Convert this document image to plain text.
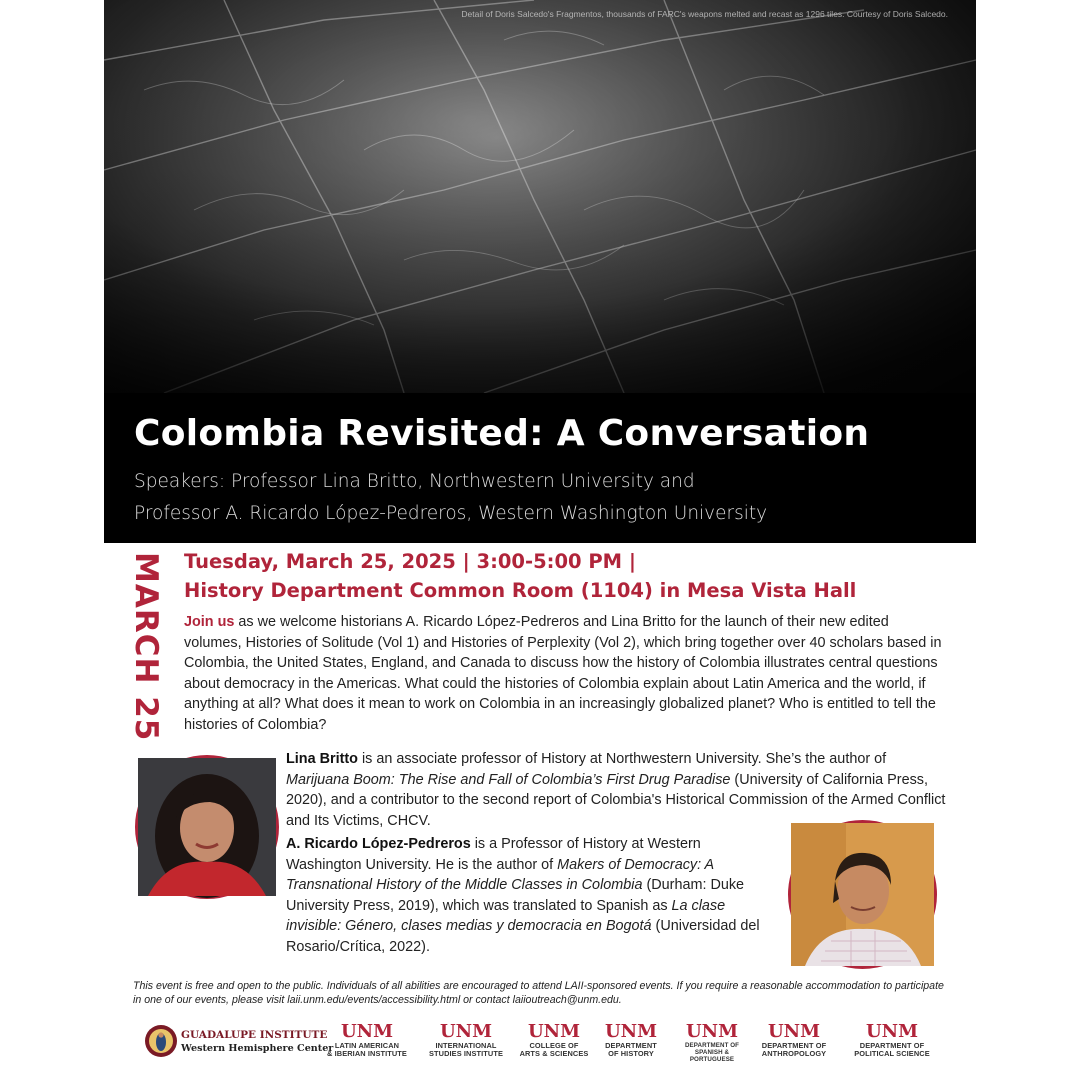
Detail of Doris Salcedo's Fragmentos, thousands of FARC's weapons melted and recast as 1296 tiles. Courtesy of Doris Salcedo.
Colombia Revisited: A Conversation

Speakers: Professor Lina Britto, Northwestern University and
Professor A. Ricardo López-Pedreros, Western Washington University

MARCH 25 Tuesday, March 25, 2025 | 3:00-5:00 PM |
History Department Common Room (1104) in Mesa Vista Hall

Join us as we welcome historians A. Ricardo López-Pedreros and Lina Britto for the launch of their new edited volumes, Histories of Solitude (Vol 1) and Histories of Perplexity (Vol 2), which bring together over 40 scholars based in Colombia, the United States, England, and Canada to discuss how the history of Colombia illustrates central questions about democracy in the Americas. What could the histories of Colombia explain about Latin America and the world, if anything at all? What does it mean to work on Colombia in an increasingly globalized planet? Who is entitled to tell the histories of Colombia?

Lina Britto is an associate professor of History at Northwestern University. She’s the author of Marijuana Boom: The Rise and Fall of Colombia’s First Drug Paradise (University of California Press, 2020), and a contributor to the second report of Colombia's Historical Commission of the Armed Conflict and Its Victims, CHCV.

A. Ricardo López-Pedreros is a Professor of History at Western Washington University. He is the author of Makers of Democracy: A Transnational History of the Middle Classes in Colombia (Durham: Duke University Press, 2019), which was translated to Spanish as La clase invisible: Género, clases medias y democracia en Bogotá (Universidad del Rosario/Crítica, 2022).

This event is free and open to the public. Individuals of all abilities are encouraged to attend LAII-sponsored events. If you require a reasonable accommodation to participate in one of our events, please visit laii.unm.edu/events/accessibility.html or contact laiioutreach@unm.edu.

GUADALUPE INSTITUTE
Western Hemisphere Center
UNM
LATIN AMERICAN
& IBERIAN INSTITUTE
UNM
INTERNATIONAL
STUDIES INSTITUTE
UNM
COLLEGE OF
ARTS & SCIENCES
UNM
DEPARTMENT
OF HISTORY
UNM
DEPARTMENT OF
SPANISH &
PORTUGUESE
UNM
DEPARTMENT OF
ANTHROPOLOGY
UNM
DEPARTMENT OF
POLITICAL SCIENCE
